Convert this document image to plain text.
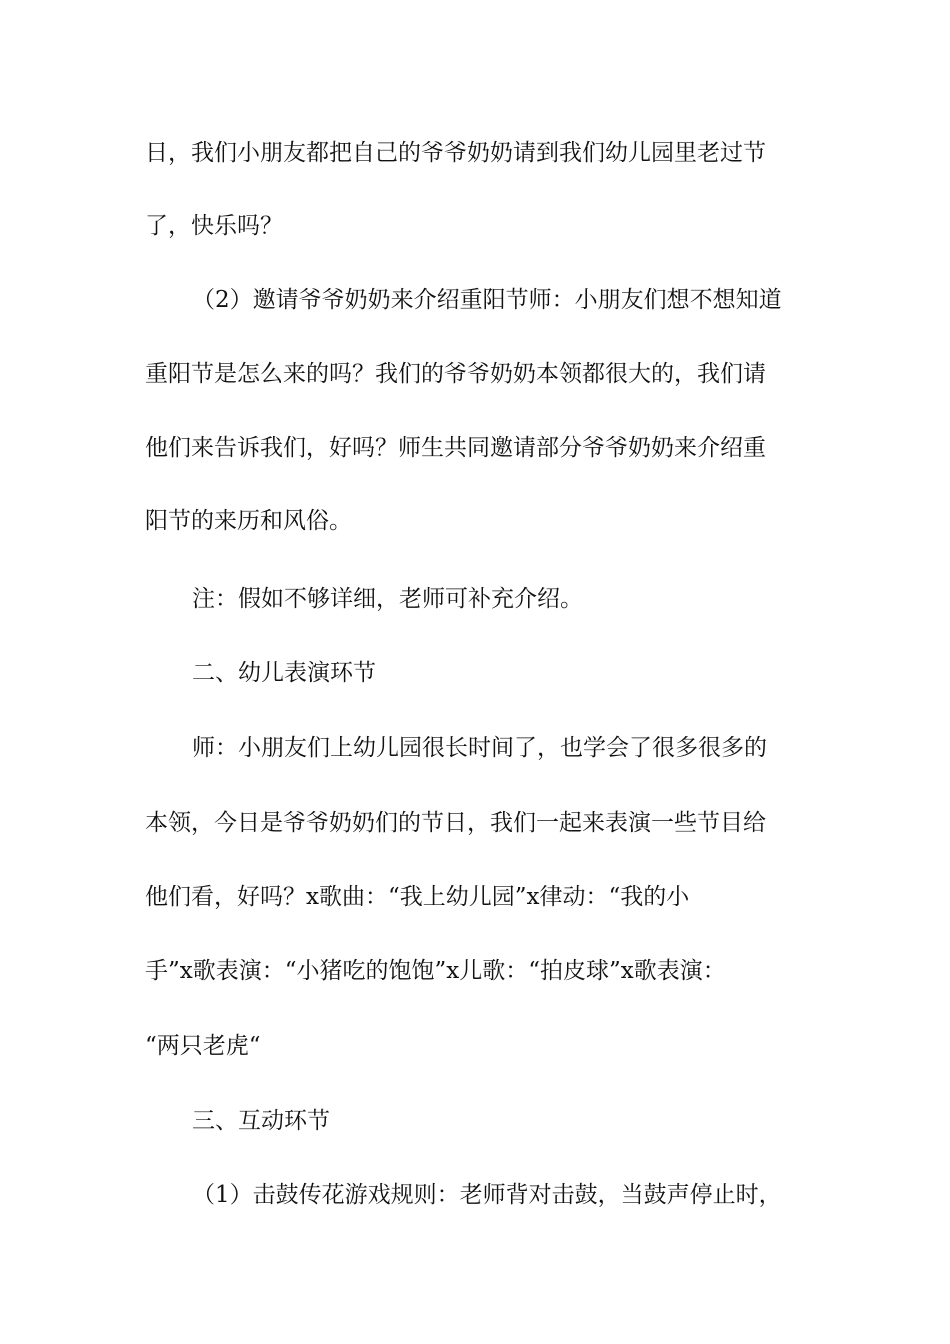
日，我们小朋友都把自己的爷爷奶奶请到我们幼儿园里老过节
了，快乐吗？
（2）邀请爷爷奶奶来介绍重阳节师：小朋友们想不想知道
重阳节是怎么来的吗？我们的爷爷奶奶本领都很大的，我们请
他们来告诉我们，好吗？师生共同邀请部分爷爷奶奶来介绍重
阳节的来历和风俗。
注：假如不够详细，老师可补充介绍。
二、幼儿表演环节
师：小朋友们上幼儿园很长时间了，也学会了很多很多的
本领，今日是爷爷奶奶们的节日，我们一起来表演一些节目给
他们看，好吗？x歌曲：“我上幼儿园”x律动：“我的小
手”x歌表演：“小猪吃的饱饱”x儿歌：“拍皮球”x歌表演：
“两只老虎“
三、互动环节
（1）击鼓传花游戏规则：老师背对击鼓，当鼓声停止时，
